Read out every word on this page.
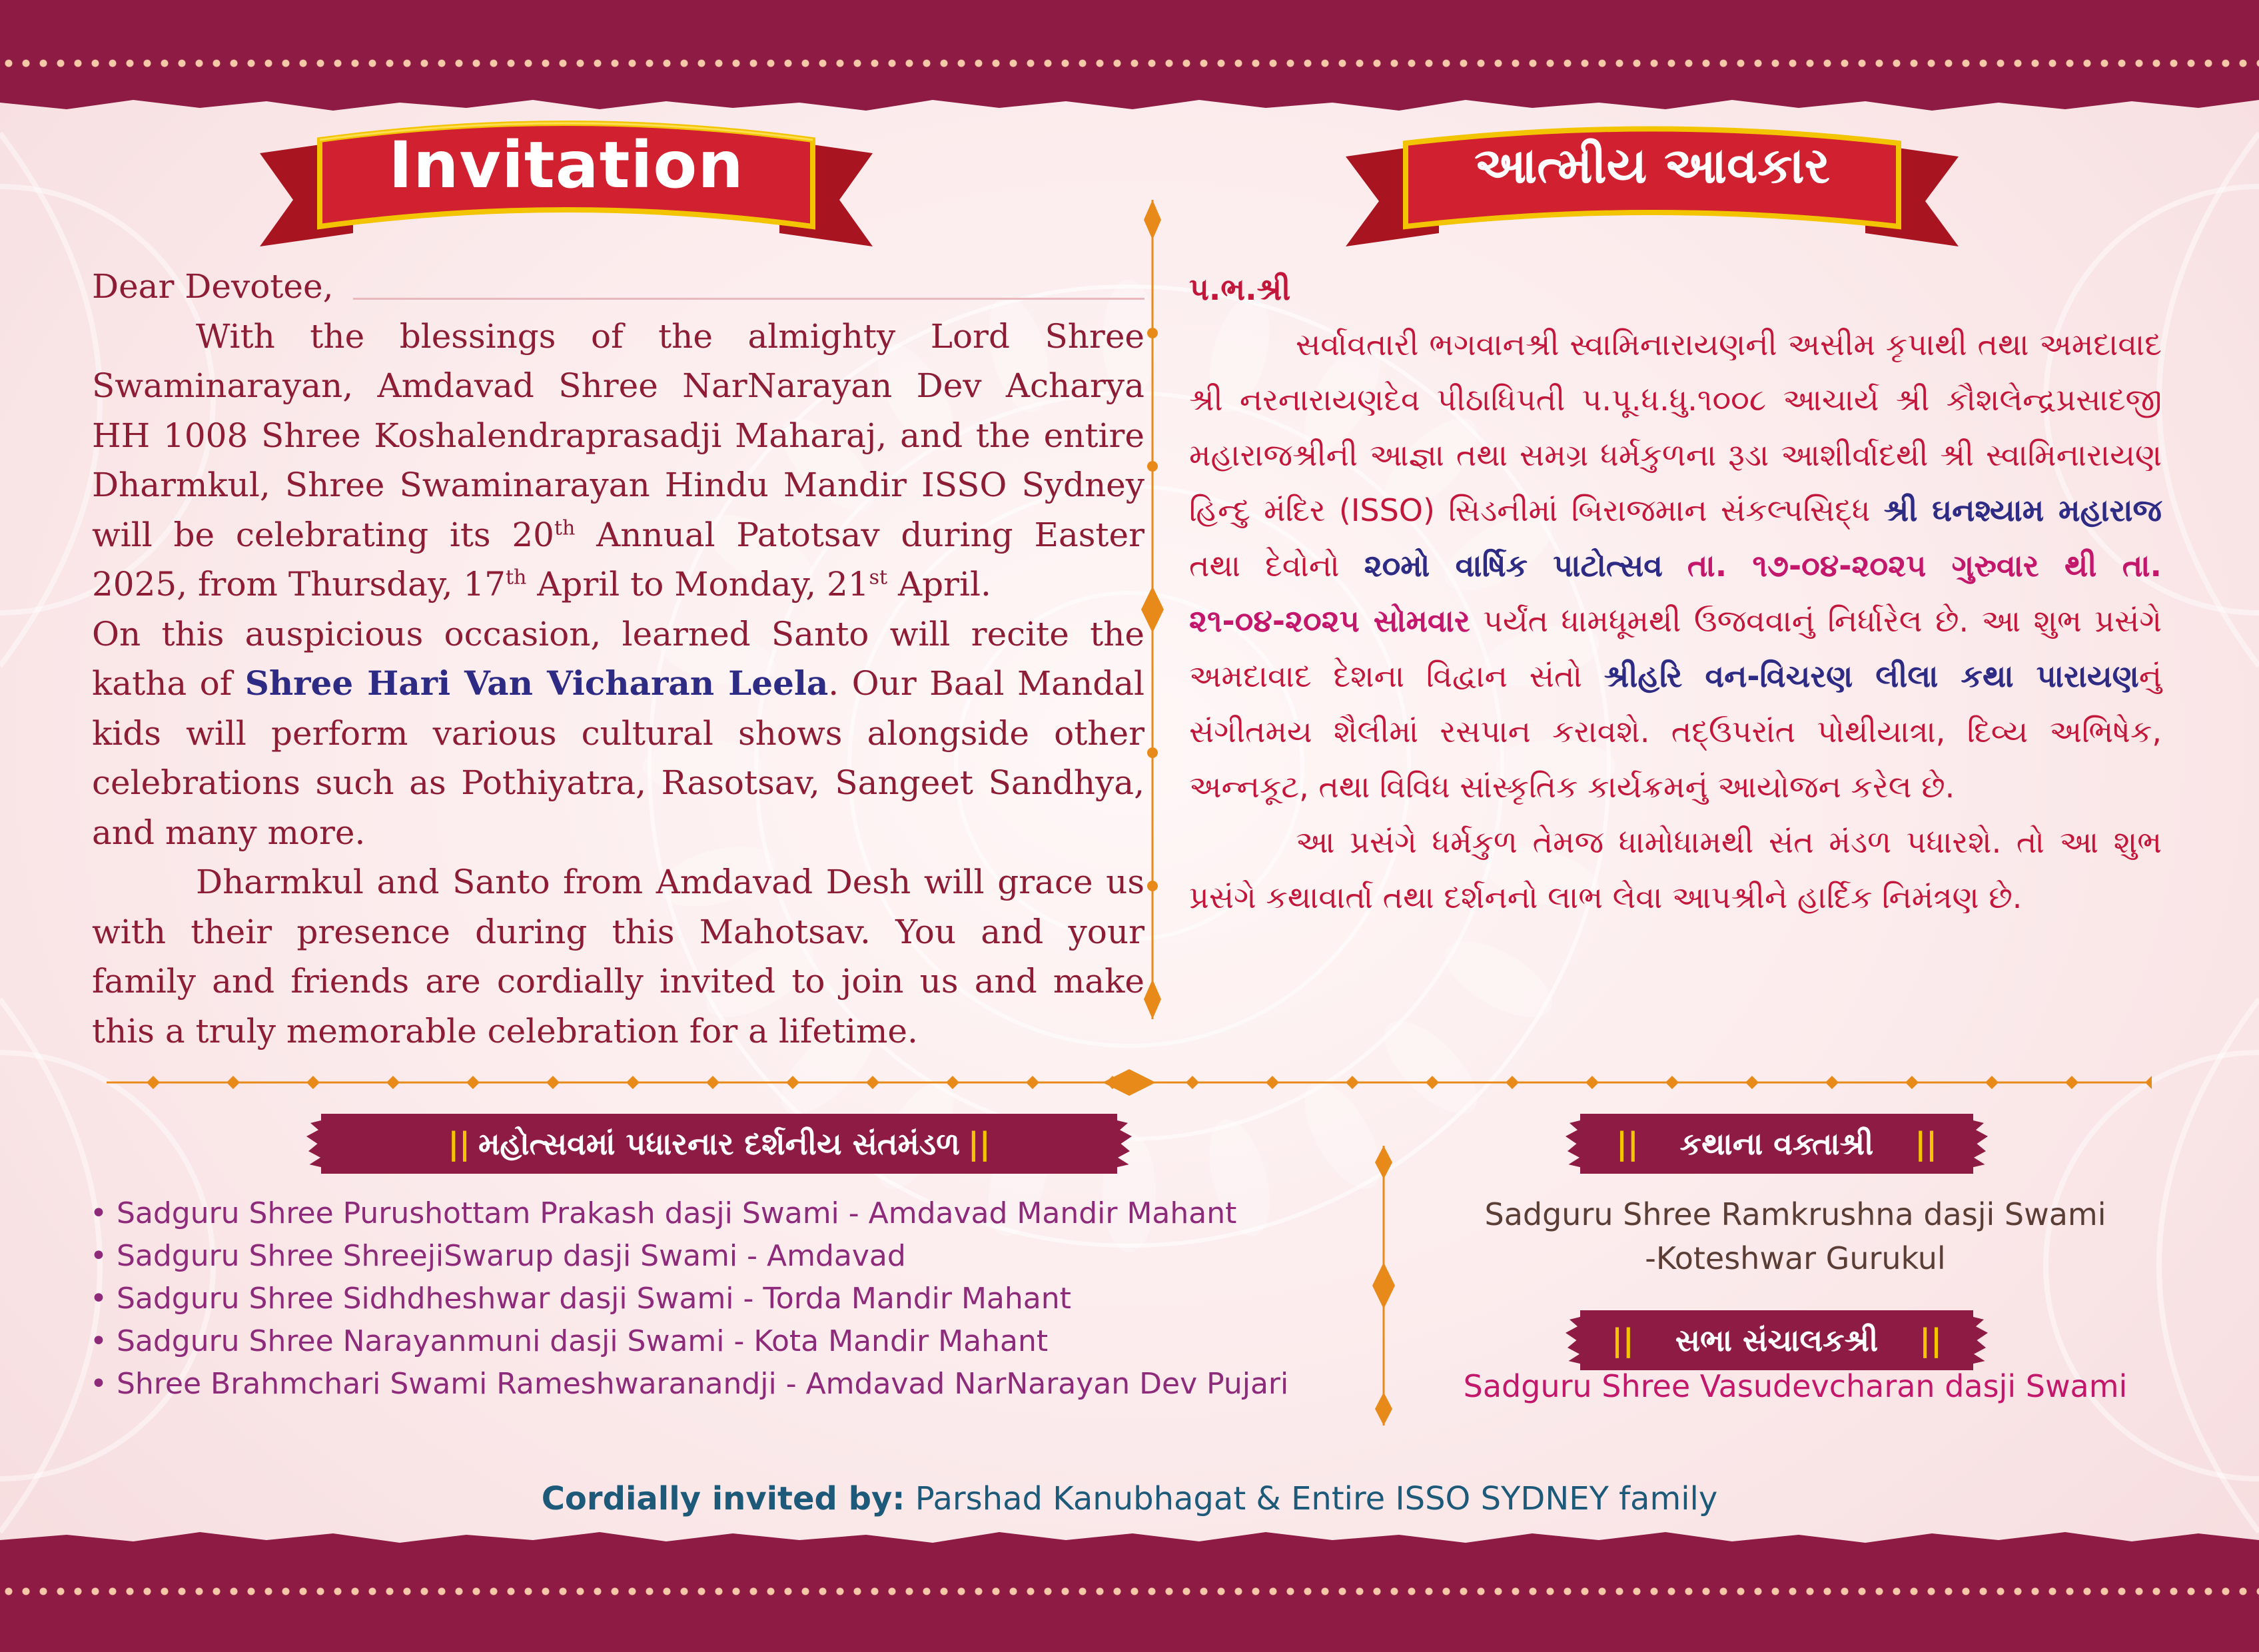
Invitation	આત્મીય આવકાર
Dear Devotee,

With the blessings of the almighty Lord Shree Swaminarayan, Amdavad Shree NarNarayan Dev Acharya HH 1008 Shree Koshalendraprasadji Maharaj, and the entire Dharmkul, Shree Swaminarayan Hindu Mandir ISSO Sydney will be celebrating its 20th Annual Patotsav during Easter 2025, from Thursday, 17th April to Monday, 21st April.

On this auspicious occasion, learned Santo will recite the katha of Shree Hari Van Vicharan Leela. Our Baal Mandal kids will perform various cultural shows alongside other celebrations such as Pothiyatra, Rasotsav, Sangeet Sandhya, and many more.

Dharmkul and Santo from Amdavad Desh will grace us with their presence during this Mahotsav. You and your family and friends are cordially invited to join us and make this a truly memorable celebration for a lifetime.

પ.ભ.શ્રી

સર્વાવતારી ભગવાનશ્રી સ્વામિનારાયણની અસીમ કૃપાથી તથા અમદાવાદ શ્રી નરનારાયણદેવ પીઠાધિપતી પ.પૂ.ધ.ધુ.૧૦૦૮ આચાર્ય શ્રી કૌશલેન્દ્રપ્રસાદજી મહારાજશ્રીની આજ્ઞા તથા સમગ્ર ધર્મકુળના રૂડા આશીર્વાદથી શ્રી સ્વામિનારાયણ હિન્દુ મંદિર (ISSO) સિડનીમાં બિરાજમાન સંકલ્પસિદ્ધ શ્રી ઘનશ્યામ મહારાજ તથા દેવોનો ૨૦મો વાર્ષિક પાટોત્સવ તા. ૧૭-૦૪-૨૦૨૫ ગુરુવાર થી તા. ૨૧-૦૪-૨૦૨૫ સોમવાર પર્યંત ધામધૂમથી ઉજવવાનું નિર્ધારેલ છે. આ શુભ પ્રસંગે અમદાવાદ દેશના વિદ્વાન સંતો શ્રીહરિ વન-વિચરણ લીલા કથા પારાયણનું સંગીતમય શૈલીમાં રસપાન કરાવશે. તદ્ઉપરાંત પોથીયાત્રા, દિવ્ય અભિષેક, અન્નકૂટ, તથા વિવિધ સાંસ્કૃતિક કાર્યક્રમનું આયોજન કરેલ છે.

આ પ્રસંગે ધર્મકુળ તેમજ ધામોધામથી સંત મંડળ પધારશે. તો આ શુભ પ્રસંગે કથાવાર્તા તથા દર્શનનો લાભ લેવા આપશ્રીને હાર્દિક નિમંત્રણ છે.

|| મહોત્સવમાં પધારનાર દર્શનીય સંતમંડળ ||
• Sadguru Shree Purushottam Prakash dasji Swami - Amdavad Mandir Mahant
• Sadguru Shree ShreejiSwarup dasji Swami - Amdavad
• Sadguru Shree Sidhdheshwar dasji Swami - Torda Mandir Mahant
• Sadguru Shree Narayanmuni dasji Swami - Kota Mandir Mahant
• Shree Brahmchari Swami Rameshwaranandji - Amdavad NarNarayan Dev Pujari
|| કથાના વક્તાશ્રી ||
Sadguru Shree Ramkrushna dasji Swami
-Koteshwar Gurukul
|| સભા સંચાલકશ્રી ||
Sadguru Shree Vasudevcharan dasji Swami
Cordially invited by: Parshad Kanubhagat & Entire ISSO SYDNEY family
